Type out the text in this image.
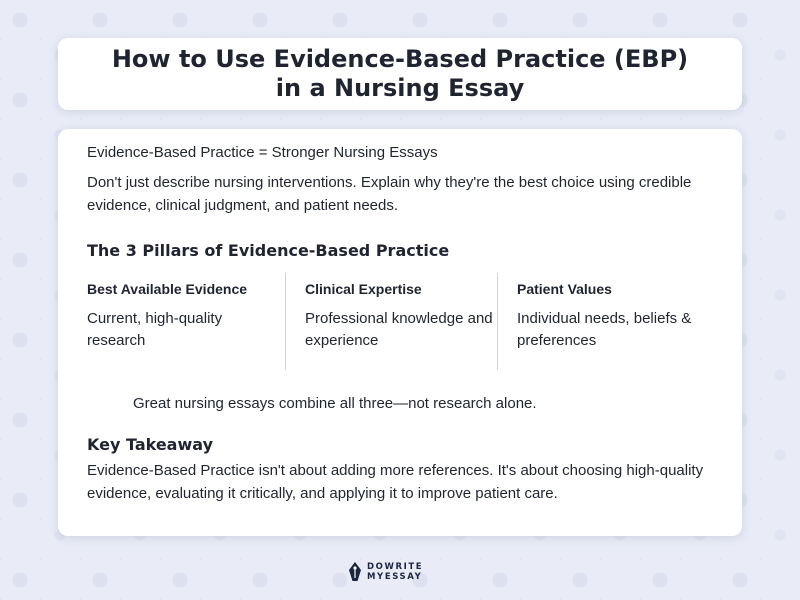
How to Use Evidence-Based Practice (EBP)
in a Nursing Essay
Evidence-Based Practice = Stronger Nursing Essays
Don't just describe nursing interventions. Explain why they're the best choice using credible evidence, clinical judgment, and patient needs.
The 3 Pillars of Evidence-Based Practice
Best Available Evidence
Current, high-quality research
Clinical Expertise
Professional knowledge and experience
Patient Values
Individual needs, beliefs & preferences
Great nursing essays combine all three—not research alone.
Key Takeaway
Evidence-Based Practice isn't about adding more references. It's about choosing high-quality evidence, evaluating it critically, and applying it to improve patient care.
DOWRITE
MYESSAY
